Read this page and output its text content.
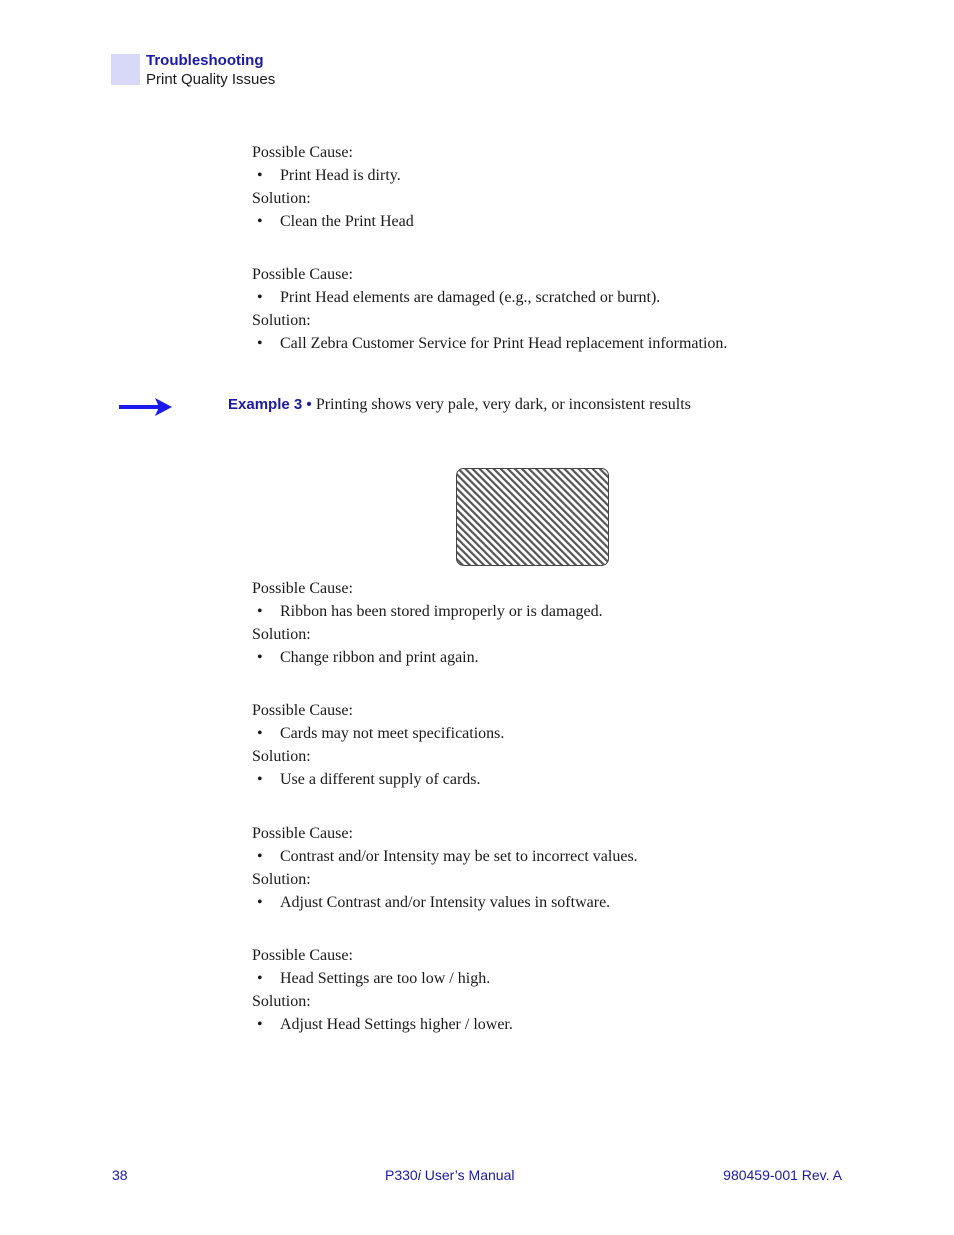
Troubleshooting
Print Quality Issues
Possible Cause:
• Print Head is dirty.
Solution:
• Clean the Print Head
Possible Cause:
• Print Head elements are damaged (e.g., scratched or burnt).
Solution:
• Call Zebra Customer Service for Print Head replacement information.
Example 3 • Printing shows very pale, very dark, or inconsistent results
Possible Cause:
• Ribbon has been stored improperly or is damaged.
Solution:
• Change ribbon and print again.
Possible Cause:
• Cards may not meet specifications.
Solution:
• Use a different supply of cards.
Possible Cause:
• Contrast and/or Intensity may be set to incorrect values.
Solution:
• Adjust Contrast and/or Intensity values in software.
Possible Cause:
• Head Settings are too low / high.
Solution:
• Adjust Head Settings higher / lower.
38	P330i User’s Manual	980459-001 Rev. A
